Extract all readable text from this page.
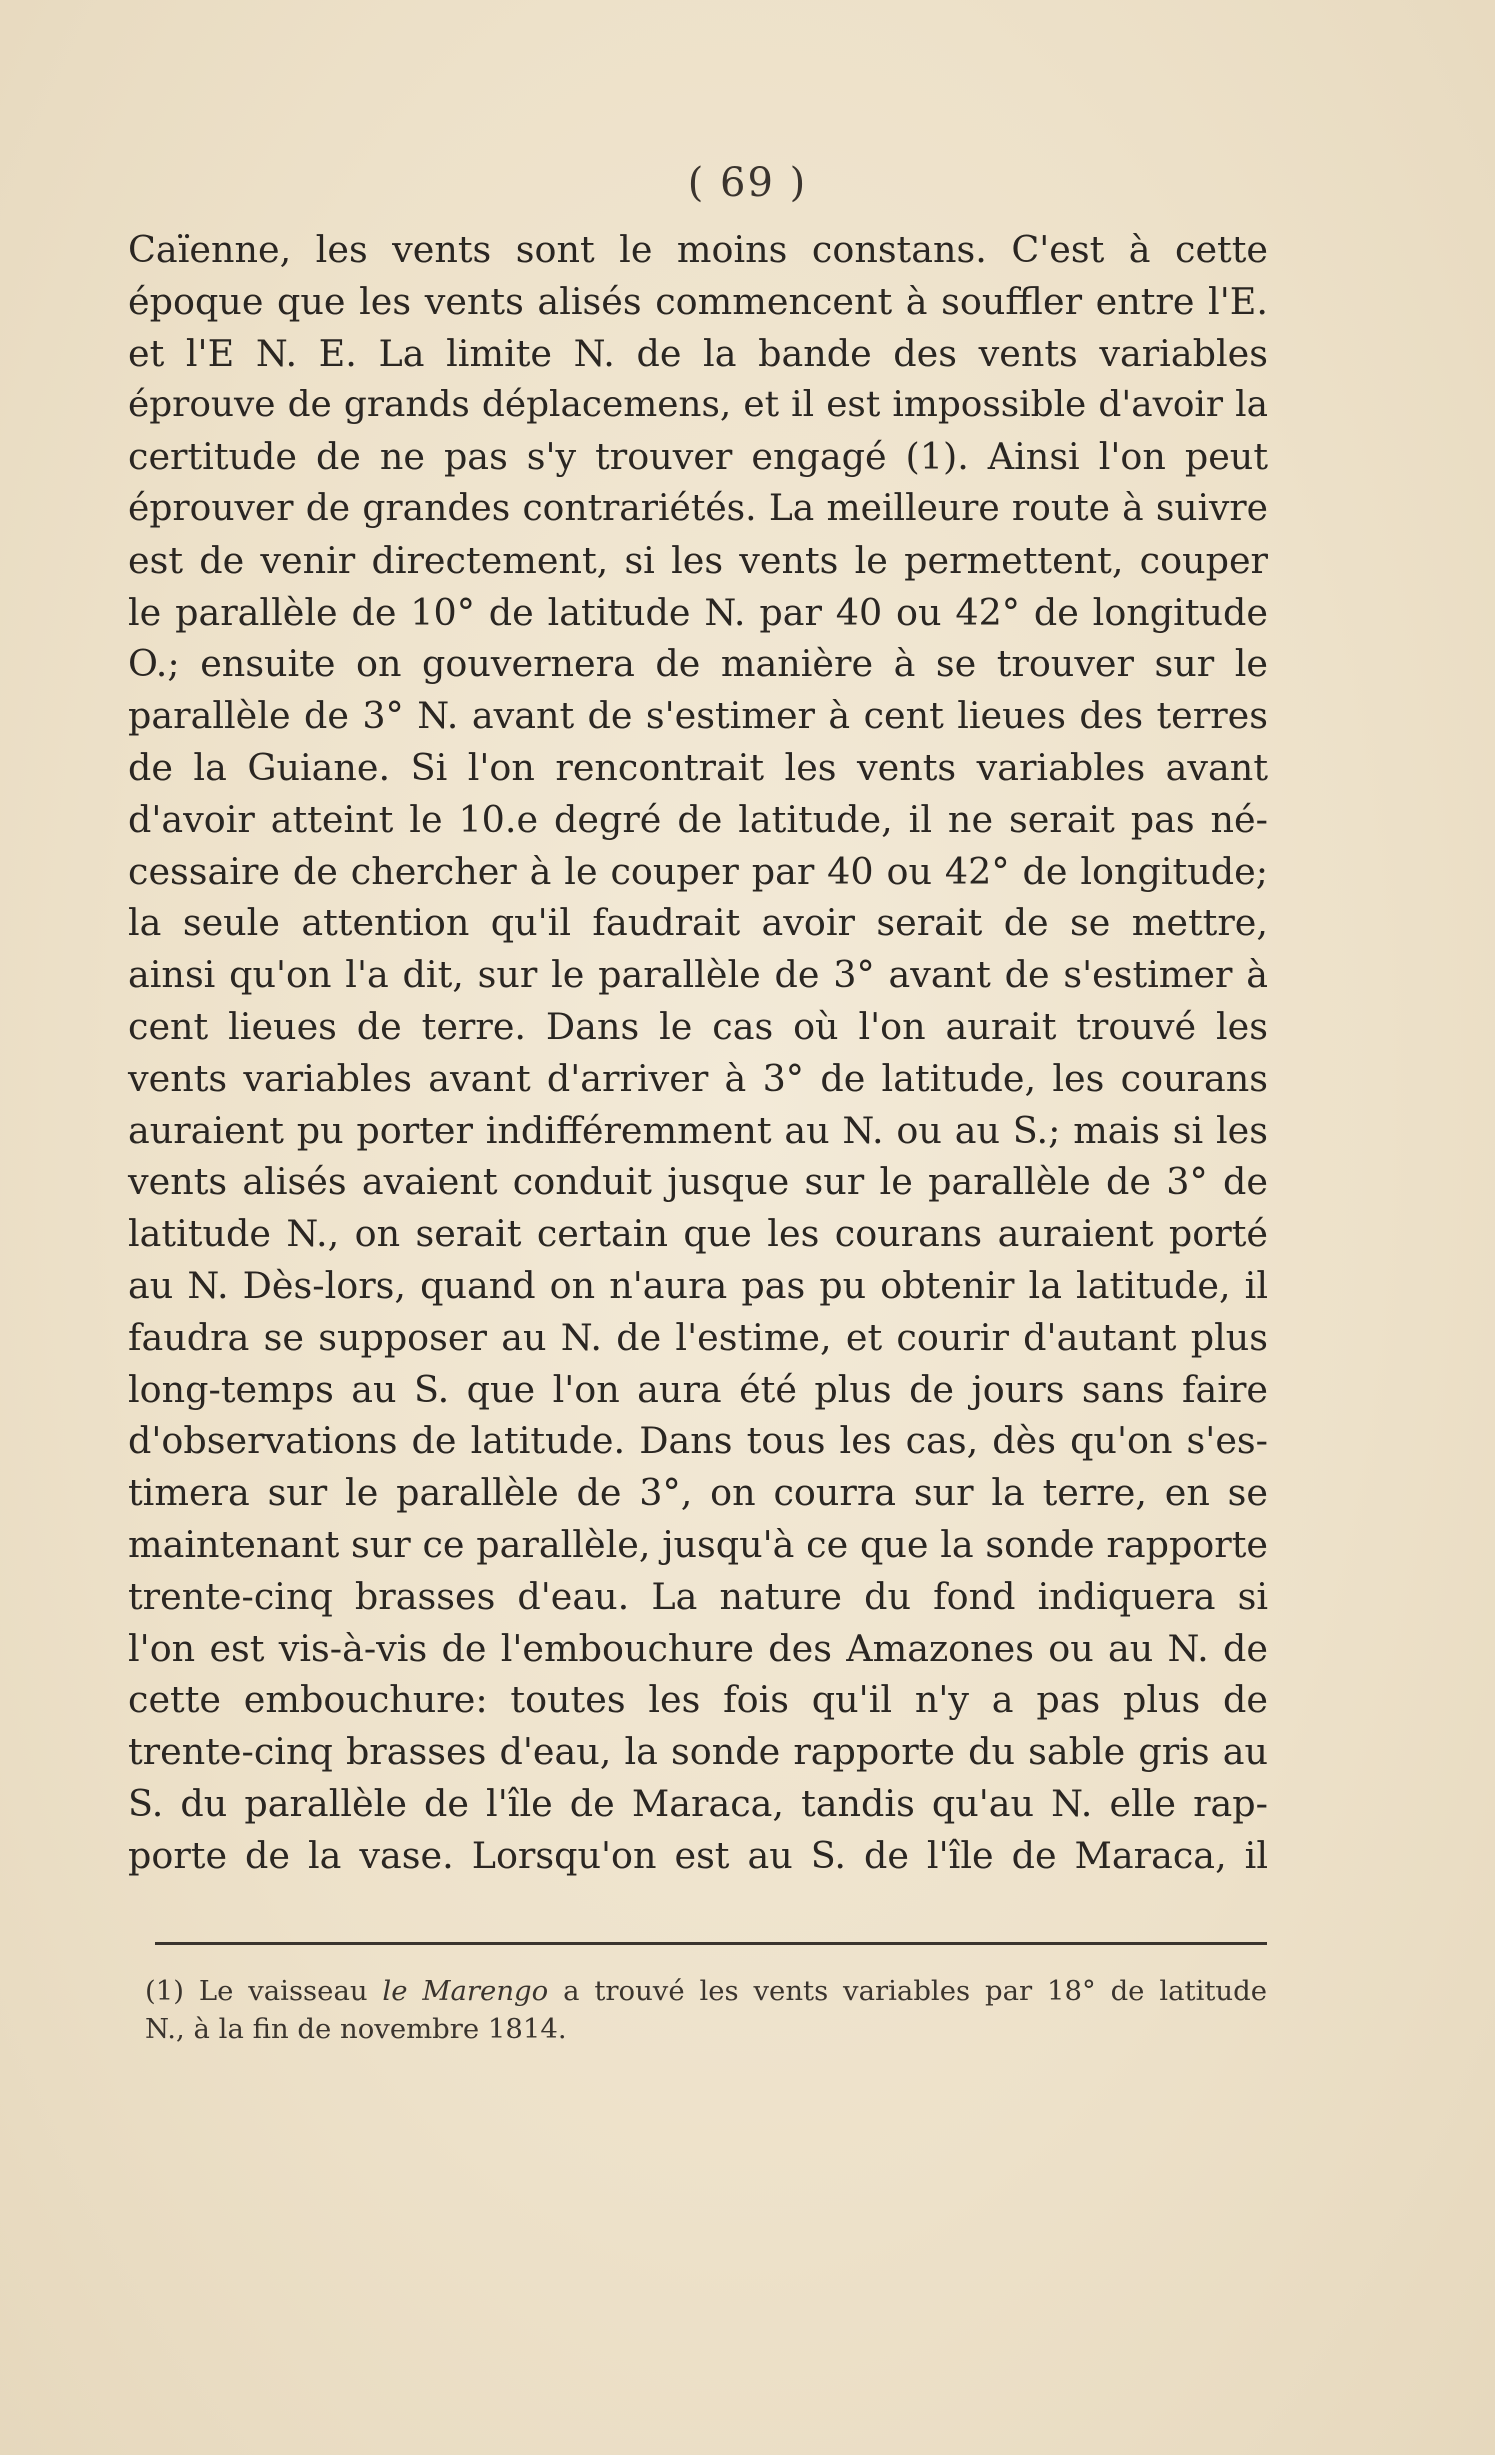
( 69 )
Caïenne, les vents sont le moins constans. C'est à cette
époque que les vents alisés commencent à souffler entre l'E.
et l'E N. E. La limite N. de la bande des vents variables
éprouve de grands déplacemens, et il est impossible d'avoir la
certitude de ne pas s'y trouver engagé (1). Ainsi l'on peut
éprouver de grandes contrariétés. La meilleure route à suivre
est de venir directement, si les vents le permettent, couper
le parallèle de 10° de latitude N. par 40 ou 42° de longitude
O.; ensuite on gouvernera de manière à se trouver sur le
parallèle de 3° N. avant de s'estimer à cent lieues des terres
de la Guiane. Si l'on rencontrait les vents variables avant
d'avoir atteint le 10.e degré de latitude, il ne serait pas né-
cessaire de chercher à le couper par 40 ou 42° de longitude;
la seule attention qu'il faudrait avoir serait de se mettre,
ainsi qu'on l'a dit, sur le parallèle de 3° avant de s'estimer à
cent lieues de terre. Dans le cas où l'on aurait trouvé les
vents variables avant d'arriver à 3° de latitude, les courans
auraient pu porter indifféremment au N. ou au S.; mais si les
vents alisés avaient conduit jusque sur le parallèle de 3° de
latitude N., on serait certain que les courans auraient porté
au N. Dès-lors, quand on n'aura pas pu obtenir la latitude, il
faudra se supposer au N. de l'estime, et courir d'autant plus
long-temps au S. que l'on aura été plus de jours sans faire
d'observations de latitude. Dans tous les cas, dès qu'on s'es-
timera sur le parallèle de 3°, on courra sur la terre, en se
maintenant sur ce parallèle, jusqu'à ce que la sonde rapporte
trente-cinq brasses d'eau. La nature du fond indiquera si
l'on est vis-à-vis de l'embouchure des Amazones ou au N. de
cette embouchure: toutes les fois qu'il n'y a pas plus de
trente-cinq brasses d'eau, la sonde rapporte du sable gris au
S. du parallèle de l'île de Maraca, tandis qu'au N. elle rap-
porte de la vase. Lorsqu'on est au S. de l'île de Maraca, il
(1) Le vaisseau le Marengo a trouvé les vents variables par 18° de latitude
N., à la fin de novembre 1814.
